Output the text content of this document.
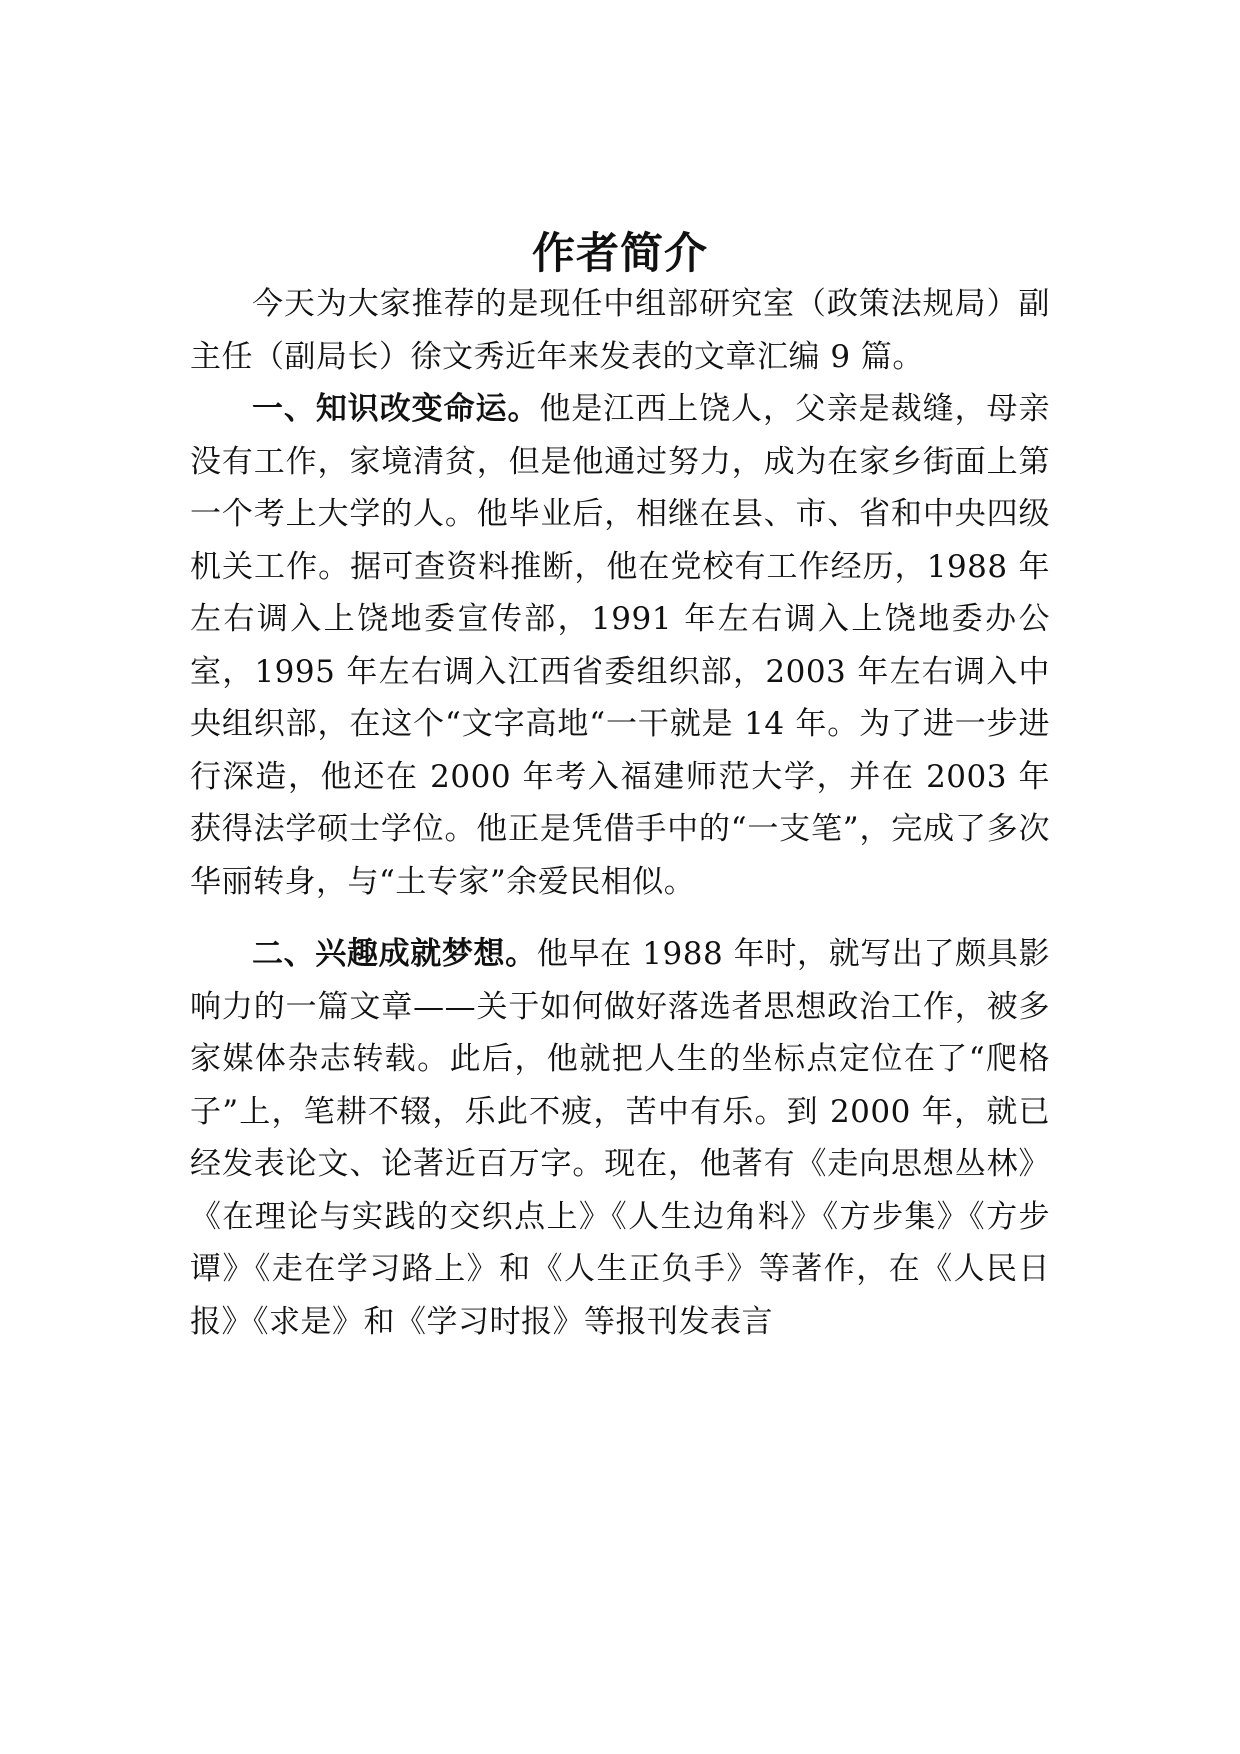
作者简介

今天为大家推荐的是现任中组部研究室（政策法规局）副主任（副局长）徐文秀近年来发表的文章汇编 9 篇。

一、知识改变命运。他是江西上饶人，父亲是裁缝，母亲没有工作，家境清贫，但是他通过努力，成为在家乡街面上第一个考上大学的人。他毕业后，相继在县、市、省和中央四级机关工作。据可查资料推断，他在党校有工作经历，1988 年左右调入上饶地委宣传部，1991 年左右调入上饶地委办公室，1995 年左右调入江西省委组织部，2003 年左右调入中央组织部，在这个“文字高地“一干就是 14 年。为了进一步进行深造，他还在 2000 年考入福建师范大学，并在 2003 年获得法学硕士学位。他正是凭借手中的“一支笔”，完成了多次华丽转身，与“土专家”余爱民相似。

二、兴趣成就梦想。他早在 1988 年时，就写出了颇具影响力的一篇文章——关于如何做好落选者思想政治工作，被多家媒体杂志转载。此后，他就把人生的坐标点定位在了“爬格子”上，笔耕不辍，乐此不疲，苦中有乐。到 2000 年，就已经发表论文、论著近百万字。现在，他著有《走向思想丛林》《在理论与实践的交织点上》《人生边角料》《方步集》《方步谭》《走在学习路上》和《人生正负手》等著作，在《人民日报》《求是》和《学习时报》等报刊发表言
